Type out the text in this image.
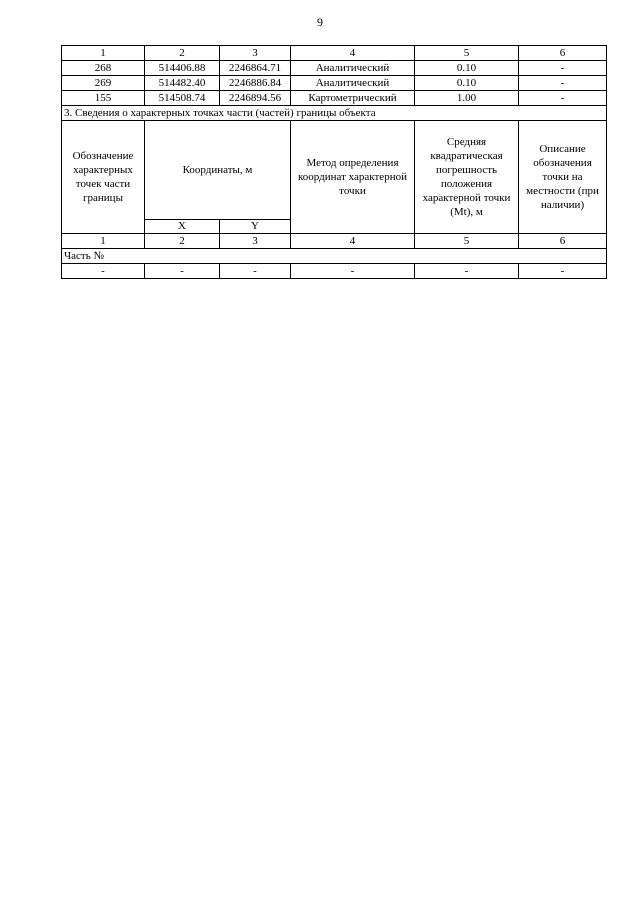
9
1	2	3	4	5	6
268	514406.88	2246864.71	Аналитический	0.10	-
269	514482.40	2246886.84	Аналитический	0.10	-
155	514508.74	2246894.56	Картометрический	1.00	-
3. Сведения о характерных точках части (частей) границы объекта					
Обозначение характерных точек части границы	Координаты, м		Метод определения координат характерной точки	Средняя квадратическая погрешность положения характерной точки (Mt), м	Описание обозначения точки на местности (при наличии)
	X	Y			
1	2	3	4	5	6
Часть №					
-	-	-	-	-	-
